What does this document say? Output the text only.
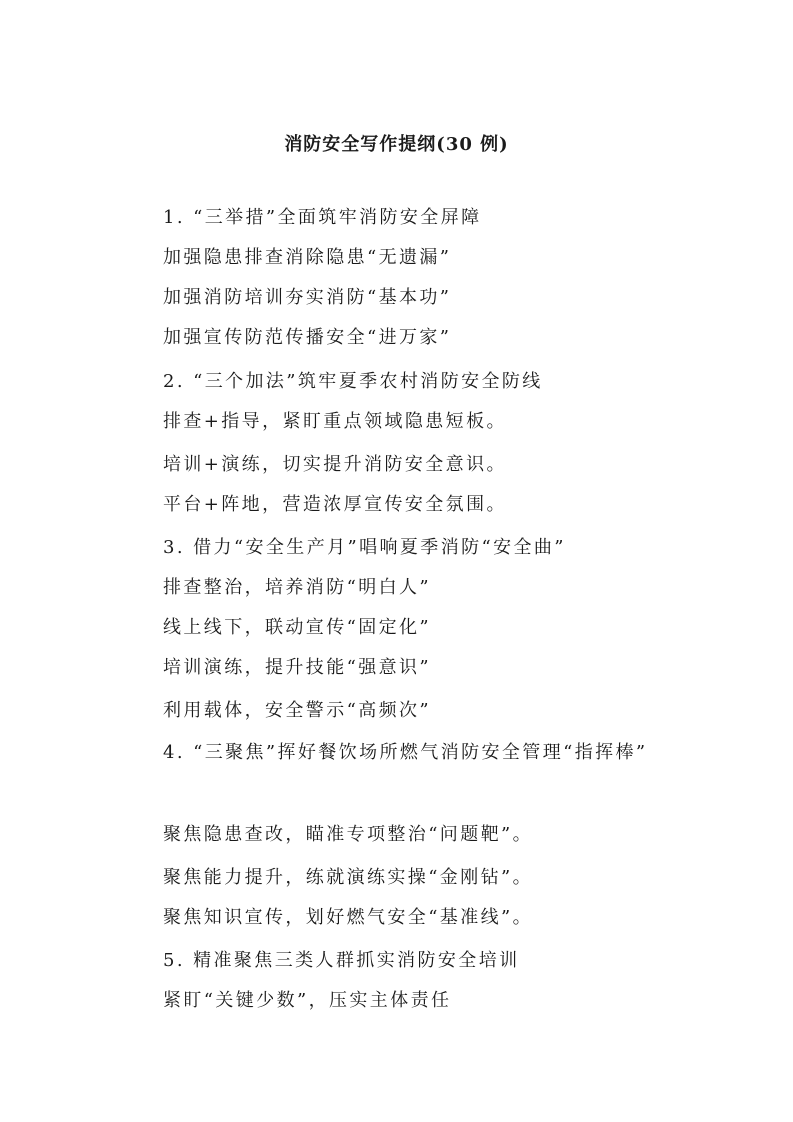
消防安全写作提纲(30 例)
1. “三举措”全面筑牢消防安全屏障
加强隐患排查消除隐患“无遗漏”
加强消防培训夯实消防“基本功”
加强宣传防范传播安全“进万家”
2. “三个加法”筑牢夏季农村消防安全防线
排查+指导，紧盯重点领域隐患短板。
培训+演练，切实提升消防安全意识。
平台+阵地，营造浓厚宣传安全氛围。
3. 借力“安全生产月”唱响夏季消防“安全曲”
排查整治，培养消防“明白人”
线上线下，联动宣传“固定化”
培训演练，提升技能“强意识”
利用载体，安全警示“高频次”
4. “三聚焦”挥好餐饮场所燃气消防安全管理“指挥棒”
聚焦隐患查改，瞄准专项整治“问题靶”。
聚焦能力提升，练就演练实操“金刚钻”。
聚焦知识宣传，划好燃气安全“基准线”。
5. 精准聚焦三类人群抓实消防安全培训
紧盯“关键少数”，压实主体责任
